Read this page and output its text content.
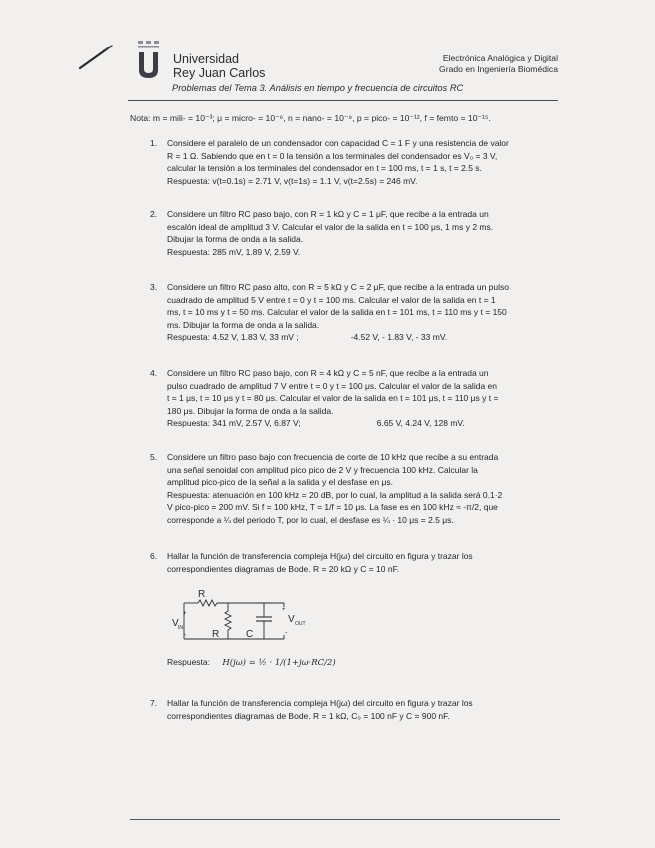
Universidad
Rey Juan Carlos
Electrónica Analógica y Digital
Grado en Ingeniería Biomédica
Problemas del Tema 3. Análisis en tiempo y frecuencia de circuitos RC
Nota: m = mili- = 10⁻³; μ = micro- = 10⁻⁶, n = nano- = 10⁻⁹, p = pico- = 10⁻¹², f = femto = 10⁻¹⁵.
1. Considere el paralelo de un condensador con capacidad C = 1 F y una resistencia de valor
R = 1 Ω. Sabiendo que en t = 0 la tensión a los terminales del condensador es V₀ = 3 V,
calcular la tensión a los terminales del condensador en t = 100 ms, t = 1 s, t = 2.5 s.
Respuesta: v(t=0.1s) = 2.71 V, v(t=1s) = 1.1 V, v(t=2.5s) = 246 mV.
2. Considere un filtro RC paso bajo, con R = 1 kΩ y C = 1 μF, que recibe a la entrada un
escalón ideal de amplitud 3 V. Calcular el valor de la salida en t = 100 μs, 1 ms y 2 ms.
Dibujar la forma de onda a la salida.
Respuesta: 285 mV, 1.89 V, 2.59 V.
3. Considere un filtro RC paso alto, con R = 5 kΩ y C = 2 μF, que recibe a la entrada un pulso
cuadrado de amplitud 5 V entre t = 0 y t = 100 ms. Calcular el valor de la salida en t = 1
ms, t = 10 ms y t = 50 ms. Calcular el valor de la salida en t = 101 ms, t = 110 ms y t = 150
ms. Dibujar la forma de onda a la salida.
Respuesta: 4.52 V, 1.83 V, 33 mV ;	-4.52 V, - 1.83 V, - 33 mV.
4. Considere un filtro RC paso bajo, con R = 4 kΩ y C = 5 nF, que recibe a la entrada un
pulso cuadrado de amplitud 7 V entre t = 0 y t = 100 μs. Calcular el valor de la salida en
t = 1 μs, t = 10 μs y t = 80 μs. Calcular el valor de la salida en t = 101 μs, t = 110 μs y t =
180 μs. Dibujar la forma de onda a la salida.
Respuesta: 341 mV, 2.57 V, 6.87 V;	6.65 V, 4.24 V, 128 mV.
5. Considere un filtro paso bajo con frecuencia de corte de 10 kHz que recibe a su entrada
una señal senoidal con amplitud pico pico de 2 V y frecuencia 100 kHz. Calcular la
amplitud pico-pico de la señal a la salida y el desfase en μs.
Respuesta: atenuación en 100 kHz = 20 dB, por lo cual, la amplitud a la salida será 0.1·2
V pico-pico = 200 mV. Si f = 100 kHz, T = 1/f = 10 μs. La fase es en 100 kHz ≈ -π/2, que
corresponde a ¼ del periodo T, por lo cual, el desfase es ¼ · 10 μs = 2.5 μs.
6. Hallar la función de transferencia compleja H(jω) del circuito en figura y trazar los
correspondientes diagramas de Bode. R = 20 kΩ y C = 10 nF.
R
V IN
+
-	R	C
+
V OUT
-
Respuesta: H(jω) = ½ · 1/(1+jω·RC/2)
7. Hallar la función de transferencia compleja H(jω) del circuito en figura y trazar los
correspondientes diagramas de Bode. R = 1 kΩ, C₀ = 100 nF y C = 900 nF.
